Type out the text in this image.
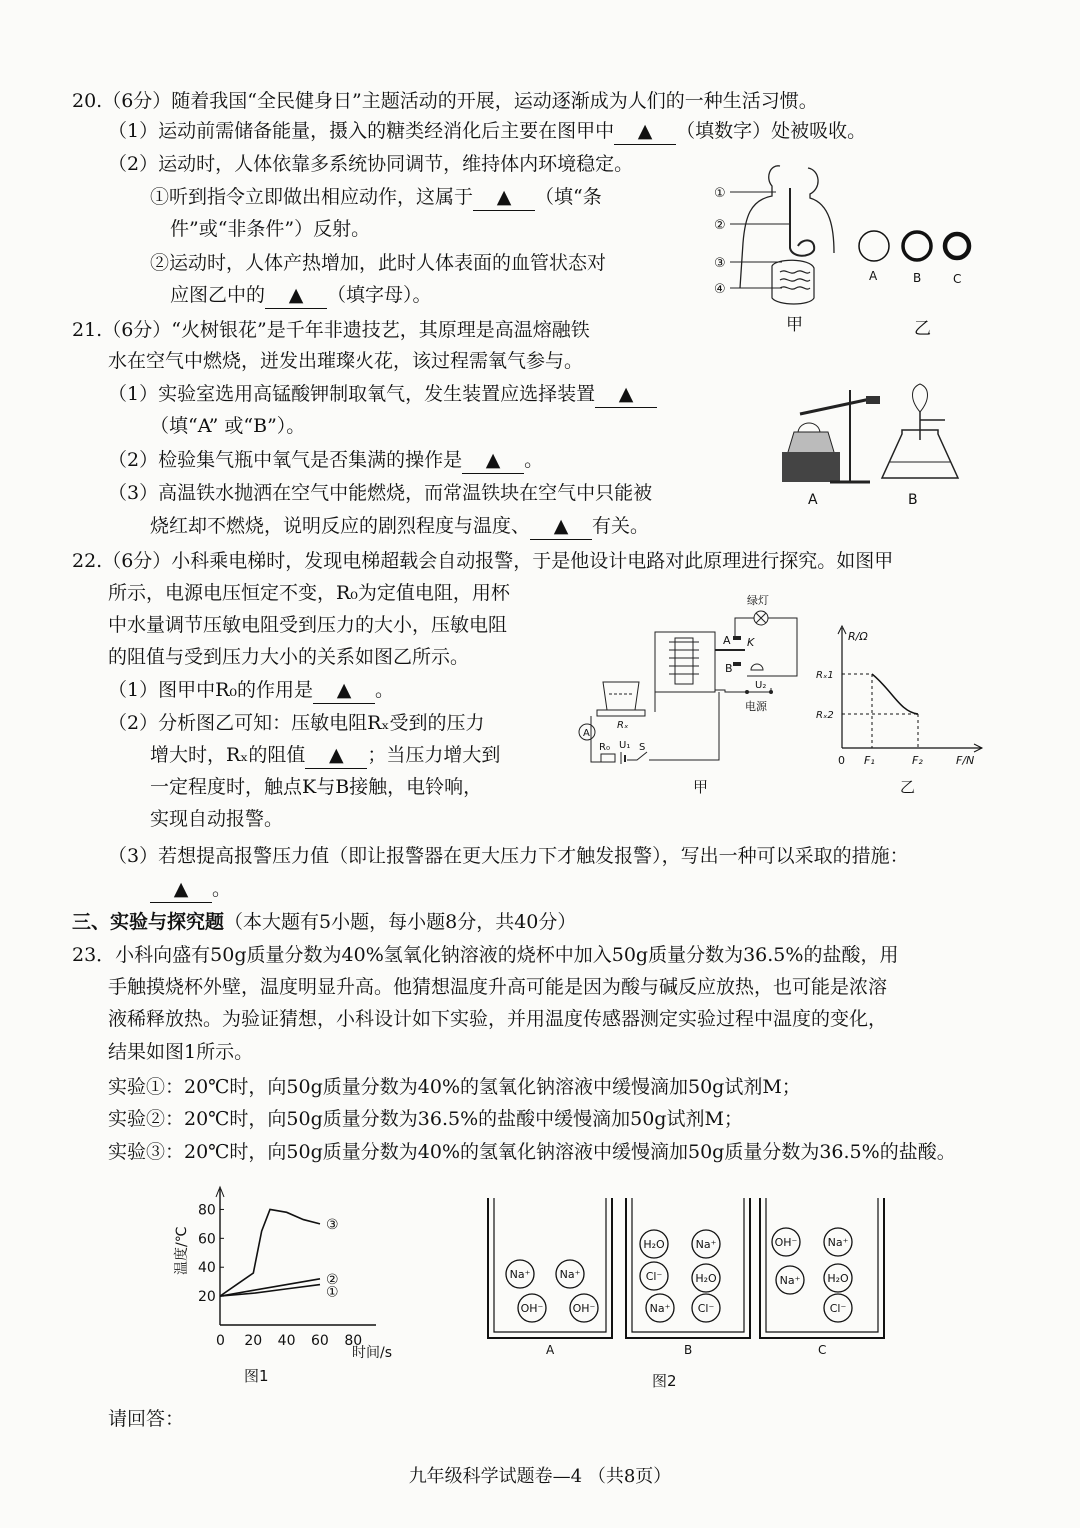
20.（6分）随着我国“全民健身日”主题活动的开展，运动逐渐成为人们的一种生活习惯。
（1）运动前需储备能量，摄入的糖类经消化后主要在图甲中 ▲ （填数字）处被吸收。
（2）运动时，人体依靠多系统协同调节，维持体内环境稳定。
①听到指令立即做出相应动作，这属于 ▲ （填“条
件”或“非条件”）反射。
②运动时，人体产热增加，此时人体表面的血管状态对
应图乙中的 ▲ （填字母）。
①
②
③
④
甲
A	B	C
乙
21.（6分）“火树银花”是千年非遗技艺，其原理是高温熔融铁
水在空气中燃烧，迸发出璀璨火花，该过程需氧气参与。
（1）实验室选用高锰酸钾制取氧气，发生装置应选择装置 ▲
（填“A” 或“B”）。
（2）检验集气瓶中氧气是否集满的操作是 ▲ 。
（3）高温铁水抛洒在空气中能燃烧，而常温铁块在空气中只能被
烧红却不燃烧，说明反应的剧烈程度与温度、 ▲ 有关。
A	B
22.（6分）小科乘电梯时，发现电梯超载会自动报警，于是他设计电路对此原理进行探究。如图甲
所示，电源电压恒定不变，R₀为定值电阻，用杯
中水量调节压敏电阻受到压力的大小，压敏电阻
的阻值与受到压力大小的关系如图乙所示。
（1）图甲中R₀的作用是 ▲ 。
（2）分析图乙可知：压敏电阻Rₓ受到的压力
增大时，Rₓ的阻值 ▲ ；当压力增大到
一定程度时，触点K与B接触，电铃响，
实现自动报警。
（3）若想提高报警压力值（即让报警器在更大压力下才触发报警），写出一种可以采取的措施：
▲ 。
绿灯
A K
B
U₂
电源
Rₓ
A
R₀ U₁ S
甲
R/Ω
Rₓ1
Rₓ2
0 F₁	F₂	F/N
乙
三、实验与探究题（本大题有5小题，每小题8分，共40分）
23．小科向盛有50g质量分数为40%氢氧化钠溶液的烧杯中加入50g质量分数为36.5%的盐酸，用
手触摸烧杯外壁，温度明显升高。他猜想温度升高可能是因为酸与碱反应放热，也可能是浓溶
液稀释放热。为验证猜想，小科设计如下实验，并用温度传感器测定实验过程中温度的变化，
结果如图1所示。
实验①：20℃时，向50g质量分数为40%的氢氧化钠溶液中缓慢滴加50g试剂M；
实验②：20℃时，向50g质量分数为36.5%的盐酸中缓慢滴加50g试剂M；
实验③：20℃时，向50g质量分数为40%的氢氧化钠溶液中缓慢滴加50g质量分数为36.5%的盐酸。
温度/℃
时间/s
图1
20
40
60
80
0 20 40 60 80
③
②
①
图2
Na⁺	Na⁺
OH⁻	OH⁻
A
H₂O	Na⁺
Cl⁻	H₂O
Na⁺ Cl⁻
B
OH⁻	Na⁺
Na⁺ H₂O
Cl⁻
C
请回答：
九年级科学试题卷—4 （共8页）
